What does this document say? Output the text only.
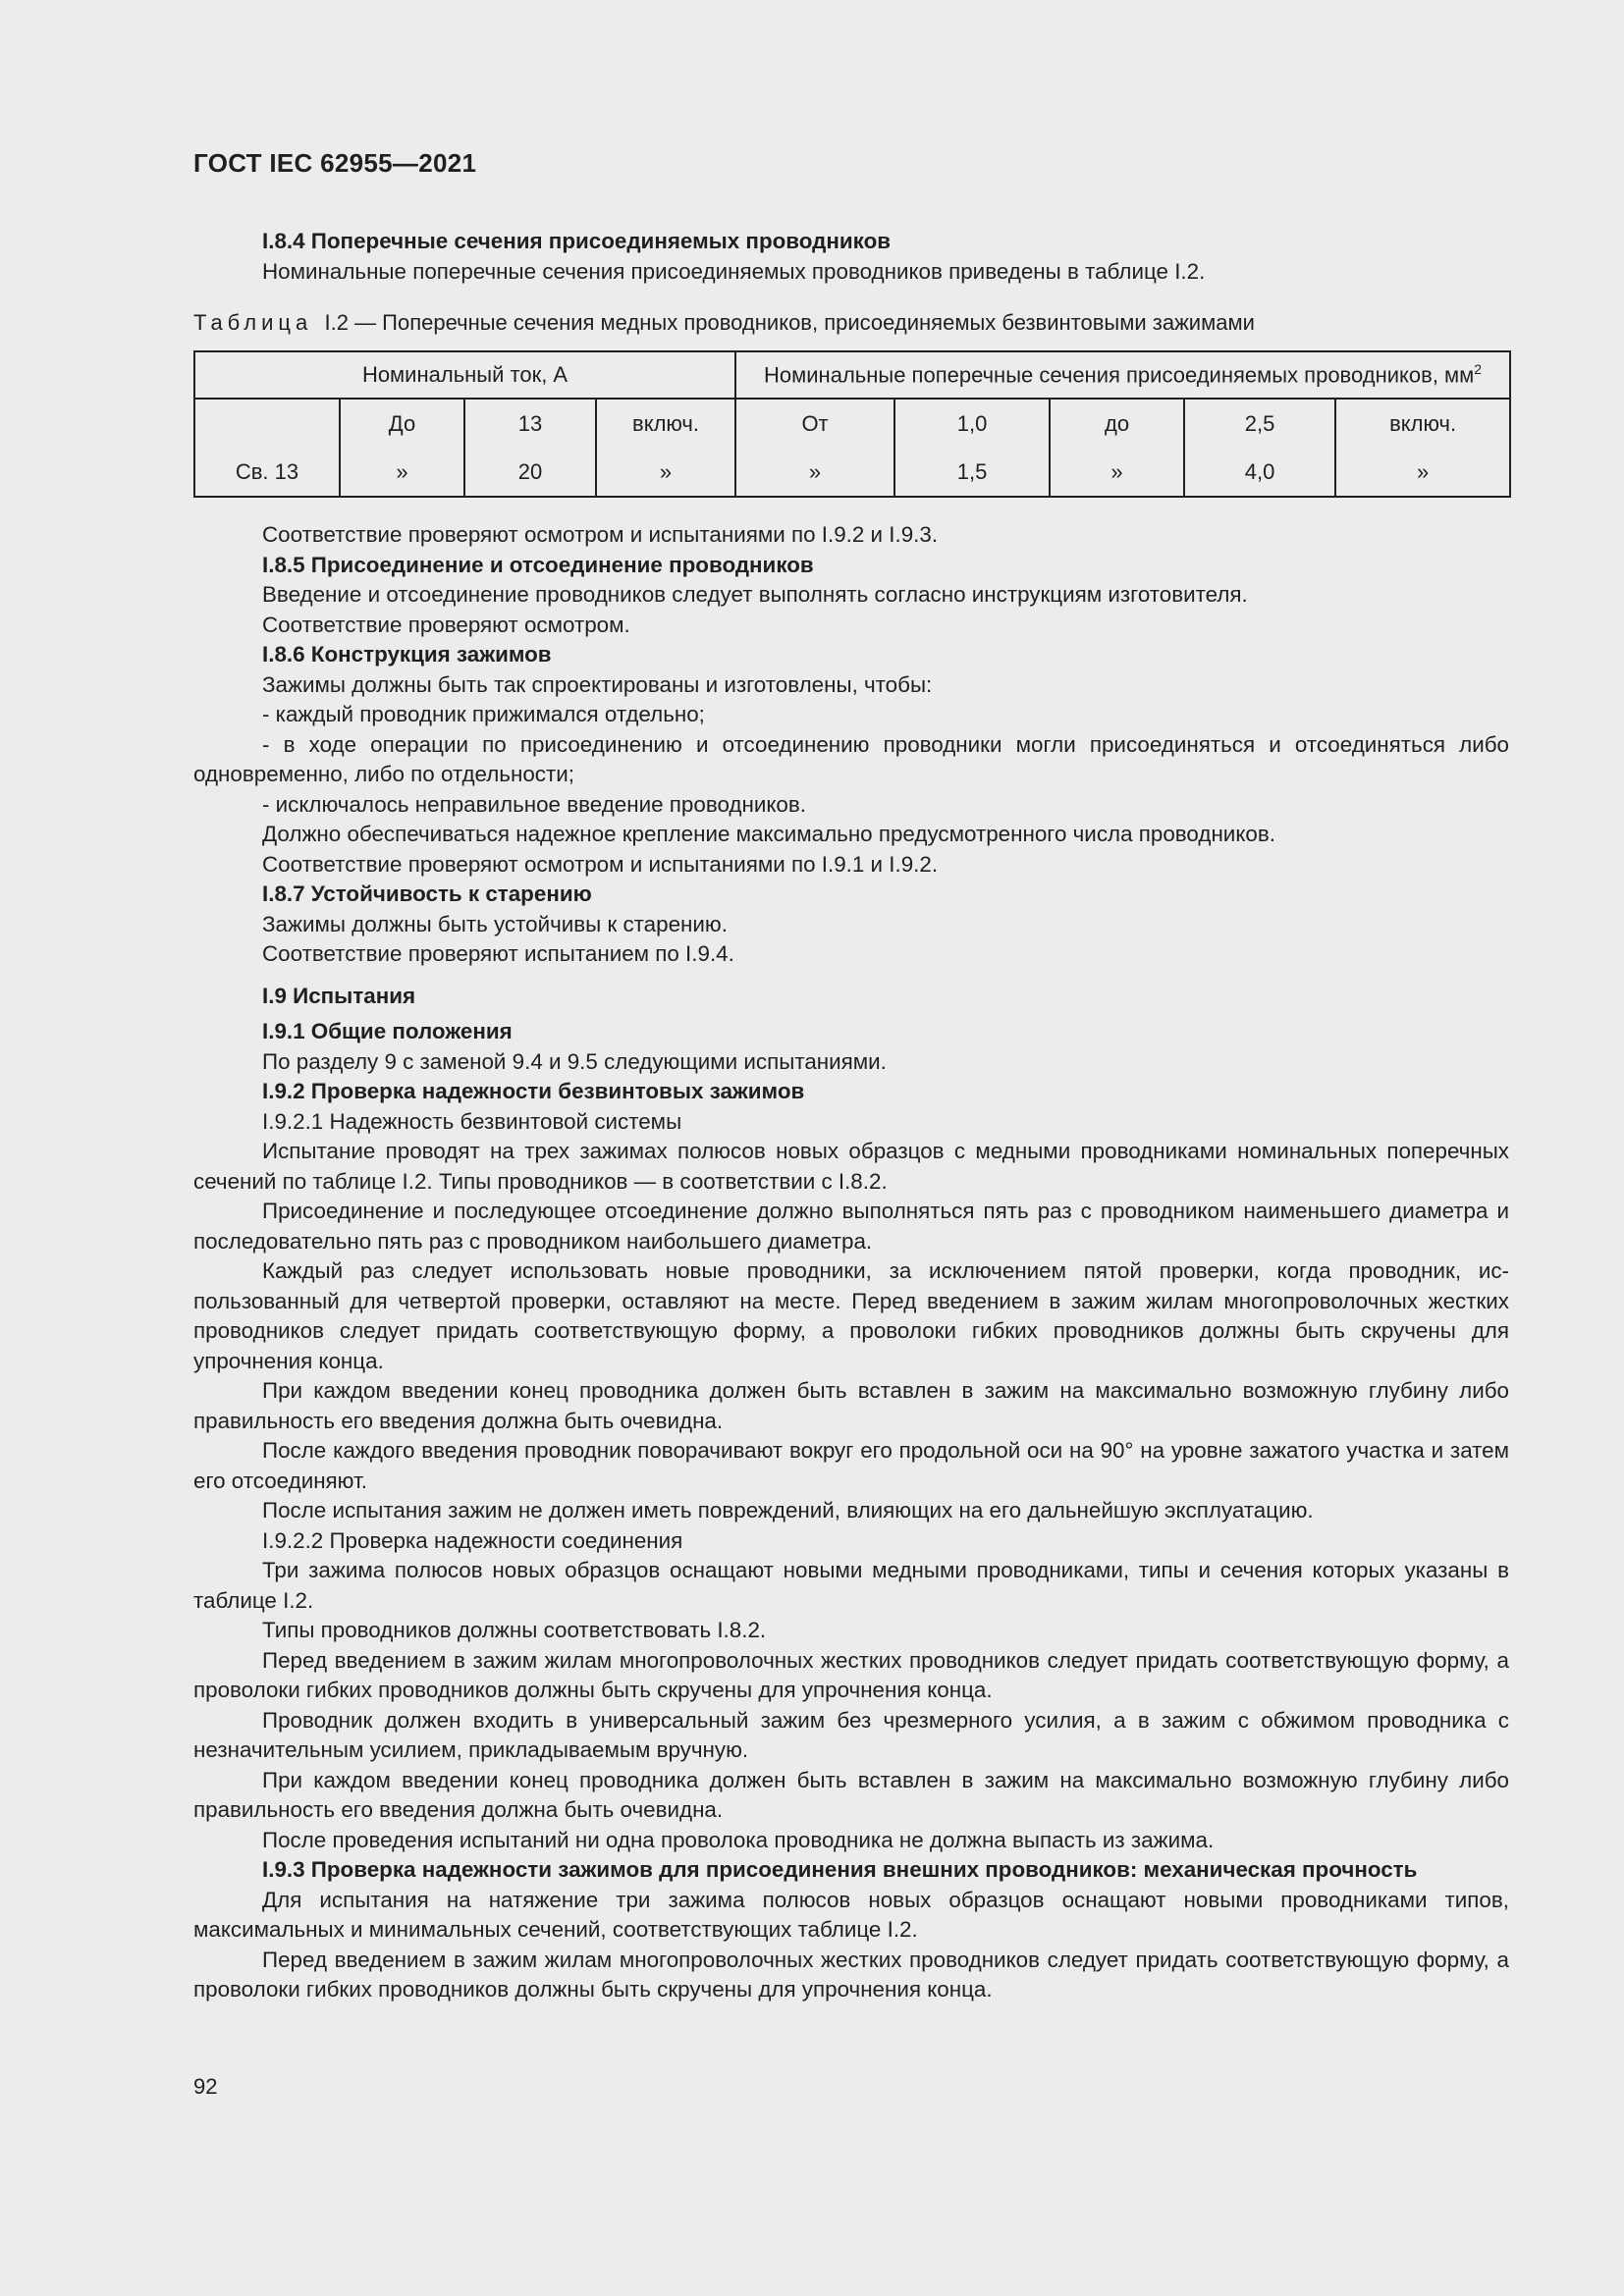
ГОСТ IEC 62955—2021

I.8.4 Поперечные сечения присоединяемых проводников

Номинальные поперечные сечения присоединяемых проводников приведены в таблице I.2.

Таблица I.2 — Поперечные сечения медных проводников, присоединяемых безвинтовыми зажимами
Номинальный ток, А				Номинальные поперечные сечения присоединяемых проводников, $мм^2$
	До	13	включ.	От	1,0	до	2,5	включ.
Св. 13	»	20	»	»	1,5	»	4,0	»

Соответствие проверяют осмотром и испытаниями по I.9.2 и I.9.3.

I.8.5 Присоединение и отсоединение проводников

Введение и отсоединение проводников следует выполнять согласно инструкциям изготовителя.

Соответствие проверяют осмотром.

I.8.6 Конструкция зажимов

Зажимы должны быть так спроектированы и изготовлены, чтобы:

- каждый проводник прижимался отдельно;

- в ходе операции по присоединению и отсоединению проводники могли присоединяться и отсоединяться либо одновременно, либо по отдельности;

- исключалось неправильное введение проводников.

Должно обеспечиваться надежное крепление максимально предусмотренного числа проводников.

Соответствие проверяют осмотром и испытаниями по I.9.1 и I.9.2.

I.8.7 Устойчивость к старению

Зажимы должны быть устойчивы к старению.

Соответствие проверяют испытанием по I.9.4.

I.9 Испытания

I.9.1 Общие положения

По разделу 9 с заменой 9.4 и 9.5 следующими испытаниями.

I.9.2 Проверка надежности безвинтовых зажимов

I.9.2.1 Надежность безвинтовой системы

Испытание проводят на трех зажимах полюсов новых образцов с медными проводниками номинальных поперечных сечений по таблице I.2. Типы проводников — в соответствии с I.8.2.

Присоединение и последующее отсоединение должно выполняться пять раз с проводником наименьшего диаметра и последовательно пять раз с проводником наибольшего диаметра.

Каждый раз следует использовать новые проводники, за исключением пятой проверки, когда проводник, использованный для четвертой проверки, оставляют на месте. Перед введением в зажим жилам многопроволочных жестких проводников следует придать соответствующую форму, а проволоки гибких проводников должны быть скручены для упрочнения конца.

При каждом введении конец проводника должен быть вставлен в зажим на максимально возможную глубину либо правильность его введения должна быть очевидна.

После каждого введения проводник поворачивают вокруг его продольной оси на 90° на уровне зажатого участка и затем его отсоединяют.

После испытания зажим не должен иметь повреждений, влияющих на его дальнейшую эксплуатацию.

I.9.2.2 Проверка надежности соединения

Три зажима полюсов новых образцов оснащают новыми медными проводниками, типы и сечения которых указаны в таблице I.2.

Типы проводников должны соответствовать I.8.2.

Перед введением в зажим жилам многопроволочных жестких проводников следует придать соответствующую форму, а проволоки гибких проводников должны быть скручены для упрочнения конца.

Проводник должен входить в универсальный зажим без чрезмерного усилия, а в зажим с обжимом проводника с незначительным усилием, прикладываемым вручную.

При каждом введении конец проводника должен быть вставлен в зажим на максимально возможную глубину либо правильность его введения должна быть очевидна.

После проведения испытаний ни одна проволока проводника не должна выпасть из зажима.

I.9.3 Проверка надежности зажимов для присоединения внешних проводников: механическая прочность

Для испытания на натяжение три зажима полюсов новых образцов оснащают новыми проводниками типов, максимальных и минимальных сечений, соответствующих таблице I.2.

Перед введением в зажим жилам многопроволочных жестких проводников следует придать соответствующую форму, а проволоки гибких проводников должны быть скручены для упрочнения конца.

92
